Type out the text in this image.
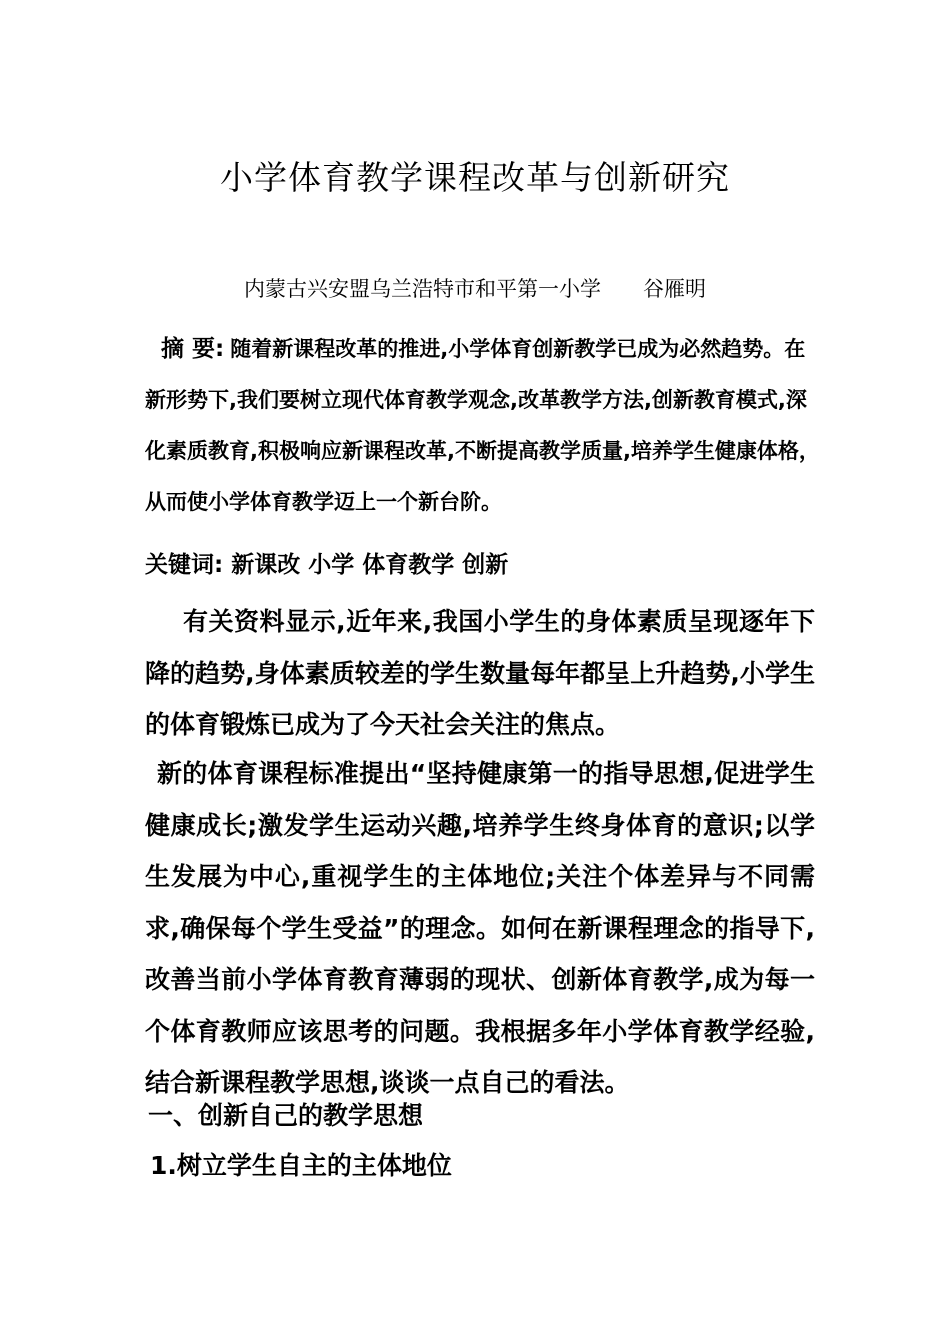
小学体育教学课程改革与创新研究
内蒙古兴安盟乌兰浩特市和平第一小学 谷雁明
摘 要: 随着新课程改革的推进,小学体育创新教学已成为必然趋势。在新形势下,我们要树立现代体育教学观念,改革教学方法,创新教育模式,深化素质教育,积极响应新课程改革,不断提高教学质量,培养学生健康体格，从而使小学体育教学迈上一个新台阶。
关键词: 新课改 小学 体育教学 创新
有关资料显示,近年来,我国小学生的身体素质呈现逐年下降的趋势,身体素质较差的学生数量每年都呈上升趋势,小学生的体育锻炼已成为了今天社会关注的焦点。
新的体育课程标准提出“坚持健康第一的指导思想,促进学生健康成长;激发学生运动兴趣,培养学生终身体育的意识;以学生发展为中心,重视学生的主体地位;关注个体差异与不同需求,确保每个学生受益”的理念。如何在新课程理念的指导下,改善当前小学体育教育薄弱的现状、创新体育教学,成为每一个体育教师应该思考的问题。我根据多年小学体育教学经验,结合新课程教学思想,谈谈一点自己的看法。
一、创新自己的教学思想
1.树立学生自主的主体地位
